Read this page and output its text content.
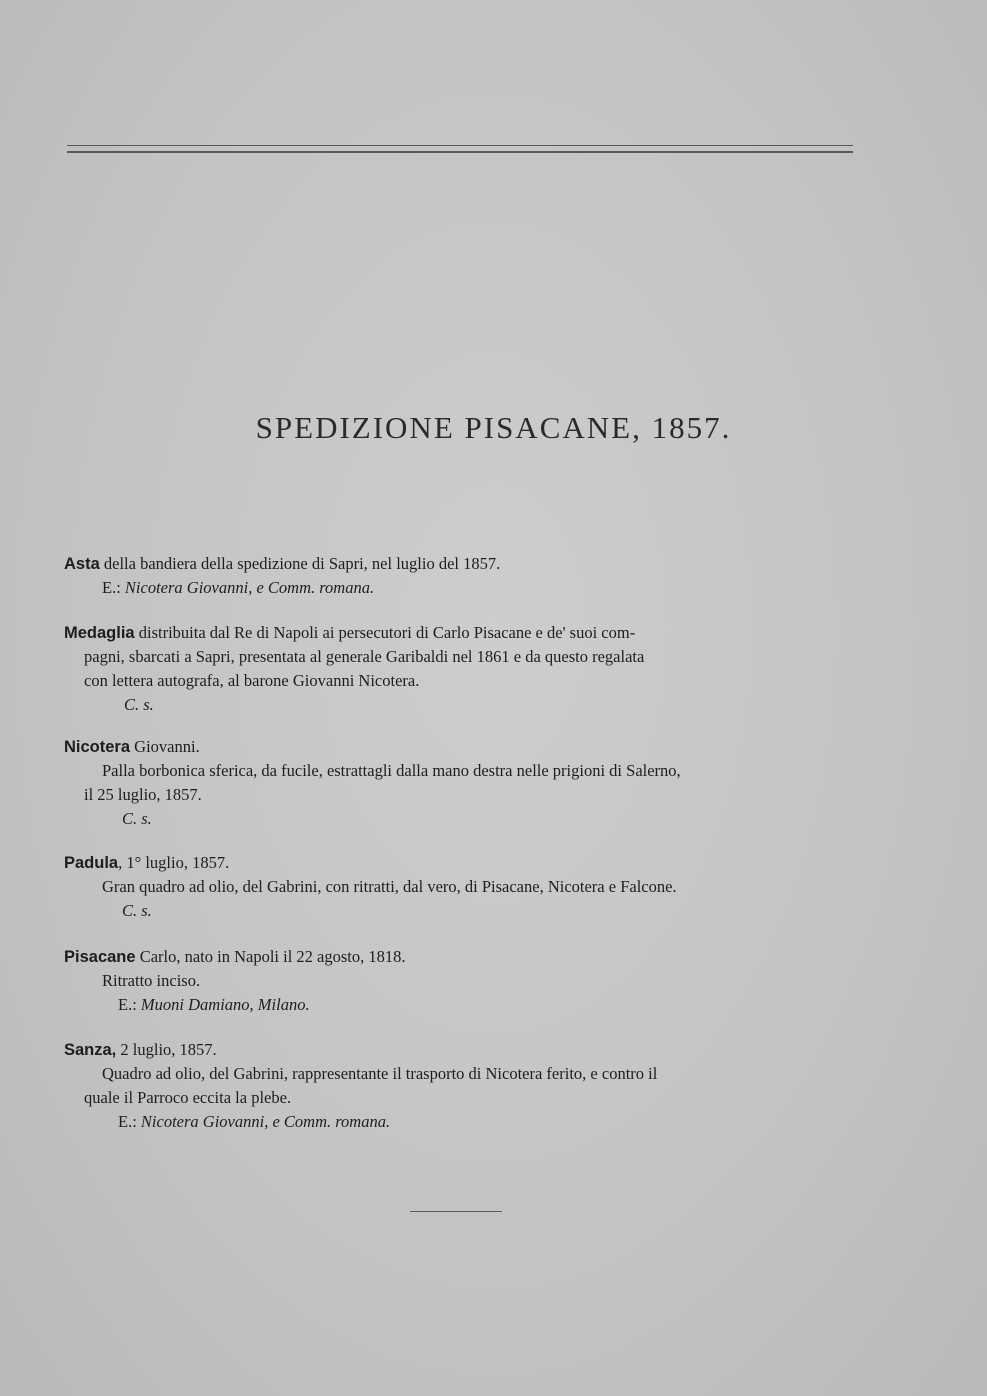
SPEDIZIONE PISACANE, 1857.
Asta della bandiera della spedizione di Sapri, nel luglio del 1857.
E.: Nicotera Giovanni, e Comm. romana.
Medaglia distribuita dal Re di Napoli ai persecutori di Carlo Pisacane e de' suoi com-
pagni, sbarcati a Sapri, presentata al generale Garibaldi nel 1861 e da questo regalata
con lettera autografa, al barone Giovanni Nicotera.
C. s.
Nicotera Giovanni.
Palla borbonica sferica, da fucile, estrattagli dalla mano destra nelle prigioni di Salerno,
il 25 luglio, 1857.
C. s.
Padula, 1° luglio, 1857.
Gran quadro ad olio, del Gabrini, con ritratti, dal vero, di Pisacane, Nicotera e Falcone.
C. s.
Pisacane Carlo, nato in Napoli il 22 agosto, 1818.
Ritratto inciso.
E.: Muoni Damiano, Milano.
Sanza, 2 luglio, 1857.
Quadro ad olio, del Gabrini, rappresentante il trasporto di Nicotera ferito, e contro il
quale il Parroco eccita la plebe.
E.: Nicotera Giovanni, e Comm. romana.
